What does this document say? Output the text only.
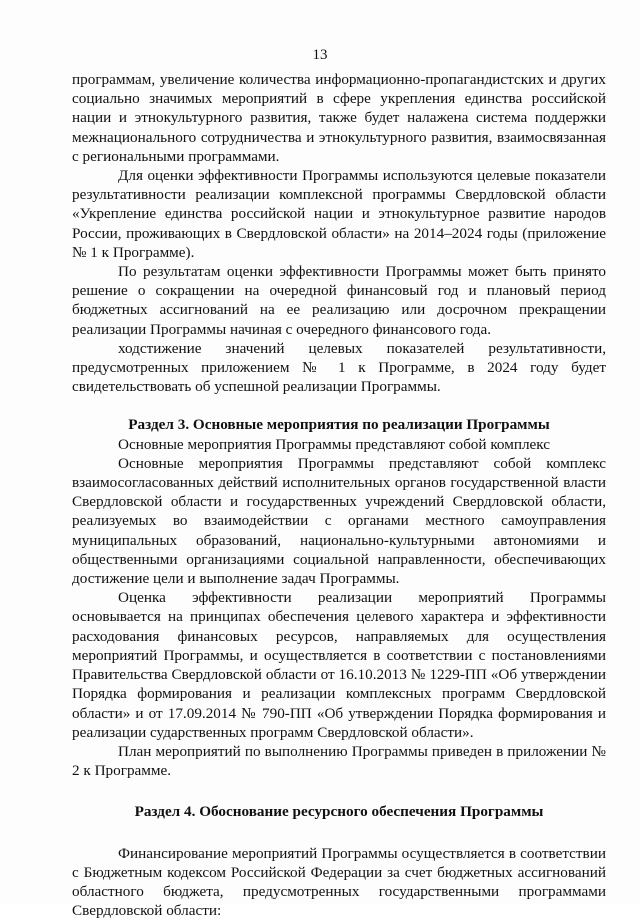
13

программам, увеличение количества информационно-пропагандистских и других социально значимых мероприятий в сфере укрепления единства российской нации и этнокультурного развития, также будет налажена система поддержки межнационального сотрудничества и этнокультурного развития, взаимосвязанная с региональными программами.

Для оценки эффективности Программы используются целевые показатели результативности реализации комплексной программы Свердловской области «Укрепление единства российской нации и этнокультурное развитие народов России, проживающих в Свердловской области» на 2014–2024 годы (приложение № 1 к Программе).

По результатам оценки эффективности Программы может быть принято решение о сокращении на очередной финансовый год и плановый период бюджетных ассигнований на ее реализацию или досрочном прекращении реализации Программы начиная с очередного финансового года.

ходстижение значений целевых показателей результативности, предусмотренных приложением № 1 к Программе, в 2024 году будет свидетельствовать об успешной реализации Программы.

Раздел 3. Основные мероприятия по реализации Программы

Основные мероприятия Программы представляют собой комплекс

Основные мероприятия Программы представляют собой комплекс взаимосогласованных действий исполнительных органов государственной власти Свердловской области и государственных учреждений Свердловской области, реализуемых во взаимодействии с органами местного самоуправления муниципальных образований, национально-культурными автономиями и общественными организациями социальной направленности, обеспечивающих достижение цели и выполнение задач Программы.

Оценка эффективности реализации мероприятий Программы основывается на принципах обеспечения целевого характера и эффективности расходования финансовых ресурсов, направляемых для осуществления мероприятий Программы, и осуществляется в соответствии с постановлениями Правительства Свердловской области от 16.10.2013 № 1229-ПП «Об утверждении Порядка формирования и реализации комплексных программ Свердловской области» и от 17.09.2014 № 790-ПП «Об утверждении Порядка формирования и реализации сударственных программ Свердловской области».

План мероприятий по выполнению Программы приведен в приложении № 2 к Программе.

Раздел 4. Обоснование ресурсного обеспечения Программы

Финансирование мероприятий Программы осуществляется в соответствии с Бюджетным кодексом Российской Федерации за счет бюджетных ассигнований областного бюджета, предусмотренных государственными программами Свердловской области:
